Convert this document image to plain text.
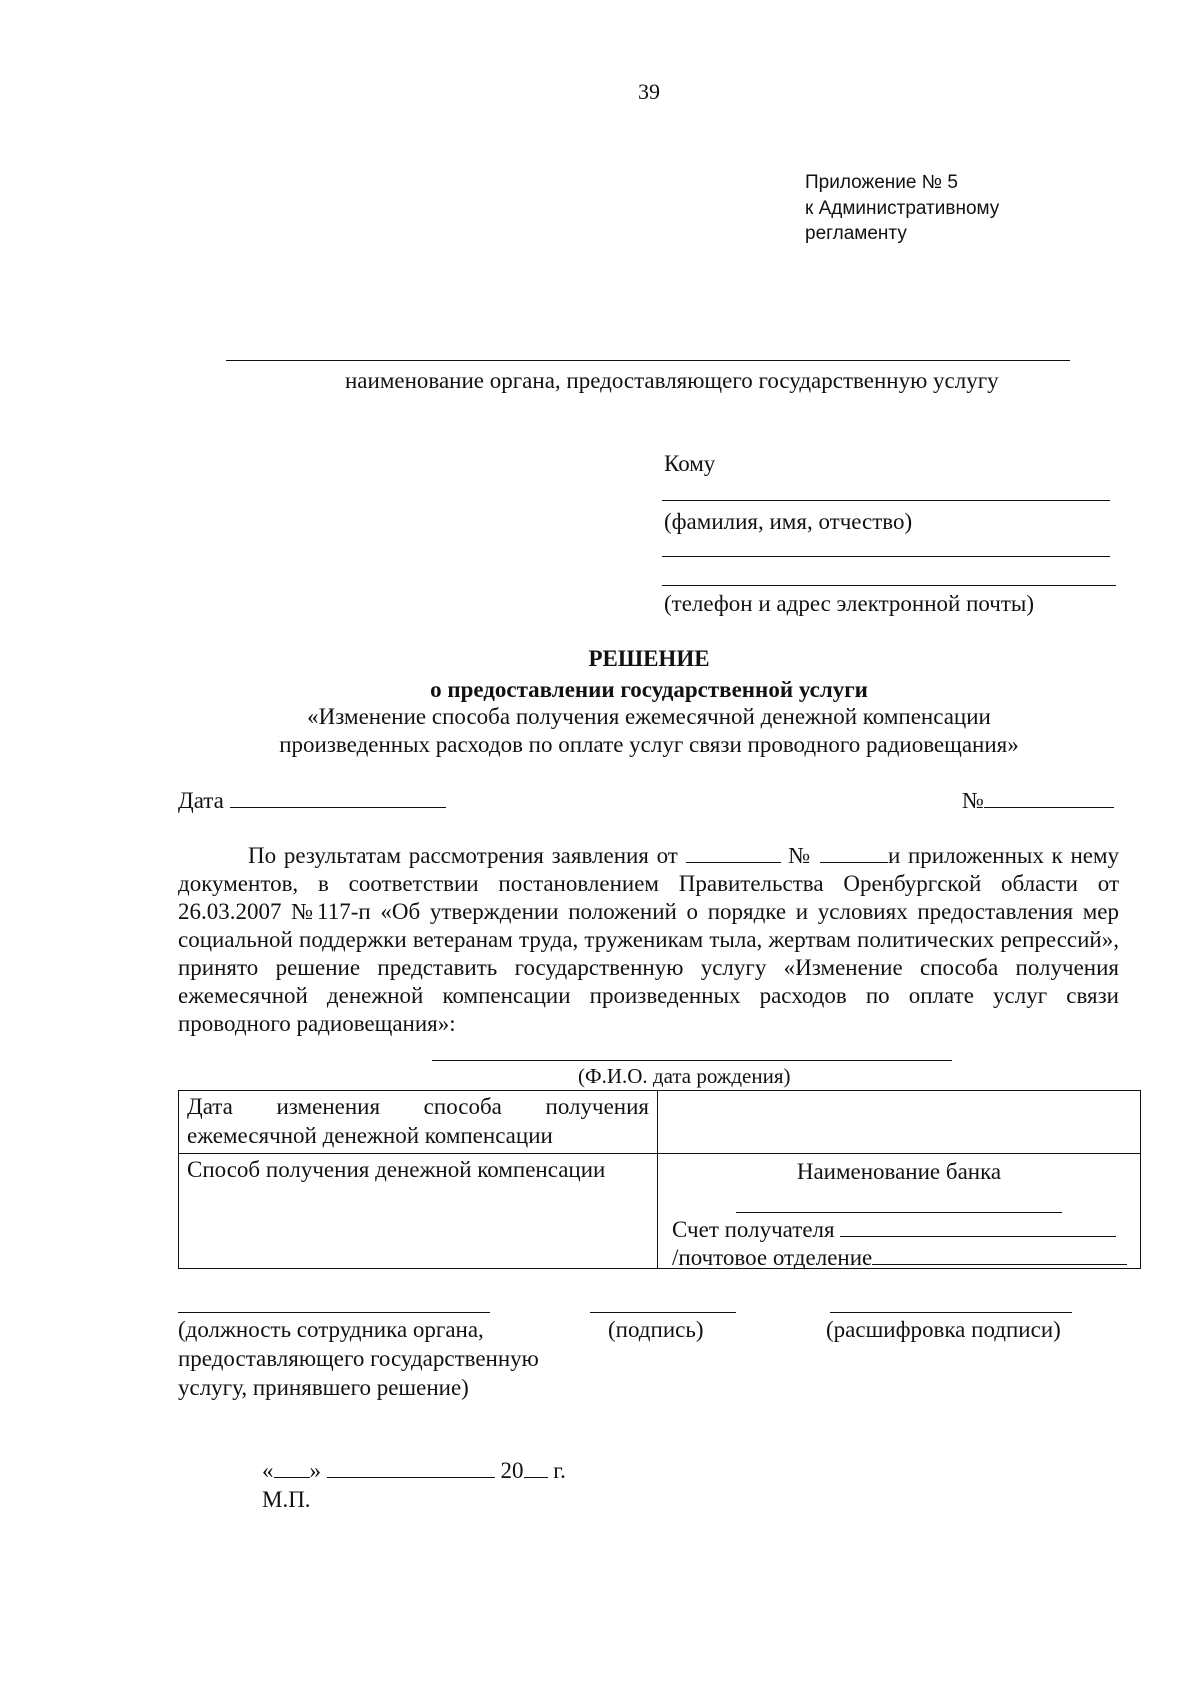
39
Приложение № 5
к Административному
регламенту
наименование органа, предоставляющего государственную услугу
Кому
(фамилия, имя, отчество)
(телефон и адрес электронной почты)
РЕШЕНИЕ
о предоставлении государственной услуги
«Изменение способа получения ежемесячной денежной компенсации
произведенных расходов по оплате услуг связи проводного радиовещания»
Дата	№
По результатам рассмотрения заявления от	№	и приложенных к нему документов, в соответствии постановлением Правительства Оренбургской области от 26.03.2007 №117-п «Об утверждении положений о порядке и условиях предоставления мер социальной поддержки ветеранам труда, труженикам тыла, жертвам политических репрессий», принято решение представить государственную услугу «Изменение способа получения ежемесячной денежной компенсации произведенных расходов по оплате услуг связи проводного радиовещания»:
(Ф.И.О. дата рождения)
Дата изменения способа получения ежемесячной денежной компенсации	
Способ получения денежной компенсации	Наименование банка
Счет получателя
/почтовое отделение
(должность сотрудника органа, предоставляющего государственную услугу, принявшего решение)
(подпись)	(расшифровка подписи)
« »	20 г.
М.П.
